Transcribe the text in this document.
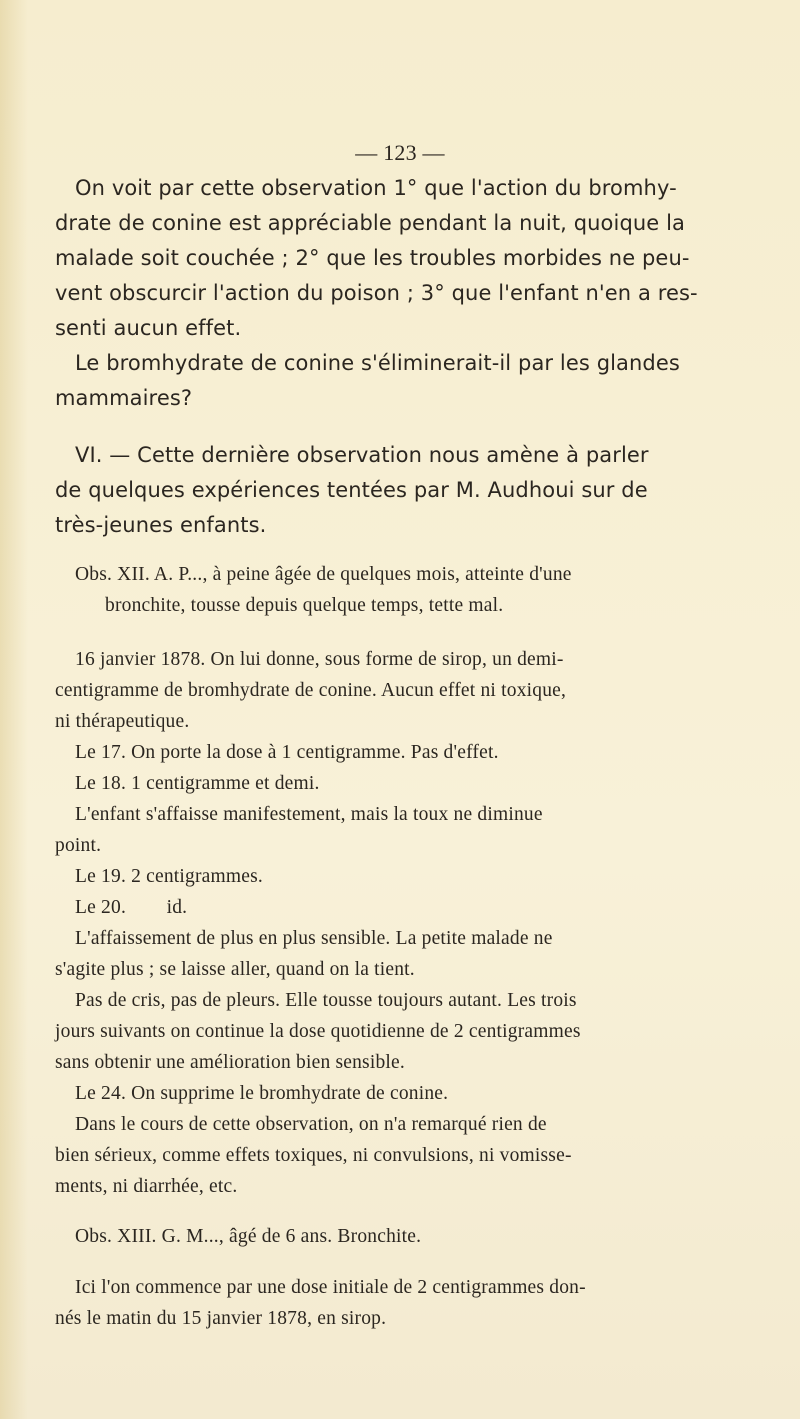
— 123 —

On voit par cette observation 1° que l'action du bromhy-

drate de conine est appréciable pendant la nuit, quoique la

malade soit couchée ; 2° que les troubles morbides ne peu-

vent obscurcir l'action du poison ; 3° que l'enfant n'en a res-

senti aucun effet.

Le bromhydrate de conine s'éliminerait-il par les glandes

mammaires?

VI. — Cette dernière observation nous amène à parler

de quelques expériences tentées par M. Audhoui sur de

très-jeunes enfants.

Obs. XII. A. P..., à peine âgée de quelques mois, atteinte d'une

bronchite, tousse depuis quelque temps, tette mal.

16 janvier 1878. On lui donne, sous forme de sirop, un demi-

centigramme de bromhydrate de conine. Aucun effet ni toxique,

ni thérapeutique.

Le 17. On porte la dose à 1 centigramme. Pas d'effet.

Le 18. 1 centigramme et demi.

L'enfant s'affaisse manifestement, mais la toux ne diminue

point.

Le 19. 2 centigrammes.

Le 20.        id.

L'affaissement de plus en plus sensible. La petite malade ne

s'agite plus ; se laisse aller, quand on la tient.

Pas de cris, pas de pleurs. Elle tousse toujours autant. Les trois

jours suivants on continue la dose quotidienne de 2 centigrammes

sans obtenir une amélioration bien sensible.

Le 24. On supprime le bromhydrate de conine.

Dans le cours de cette observation, on n'a remarqué rien de

bien sérieux, comme effets toxiques, ni convulsions, ni vomisse-

ments, ni diarrhée, etc.

Obs. XIII. G. M..., âgé de 6 ans. Bronchite.

Ici l'on commence par une dose initiale de 2 centigrammes don-

nés le matin du 15 janvier 1878, en sirop.
